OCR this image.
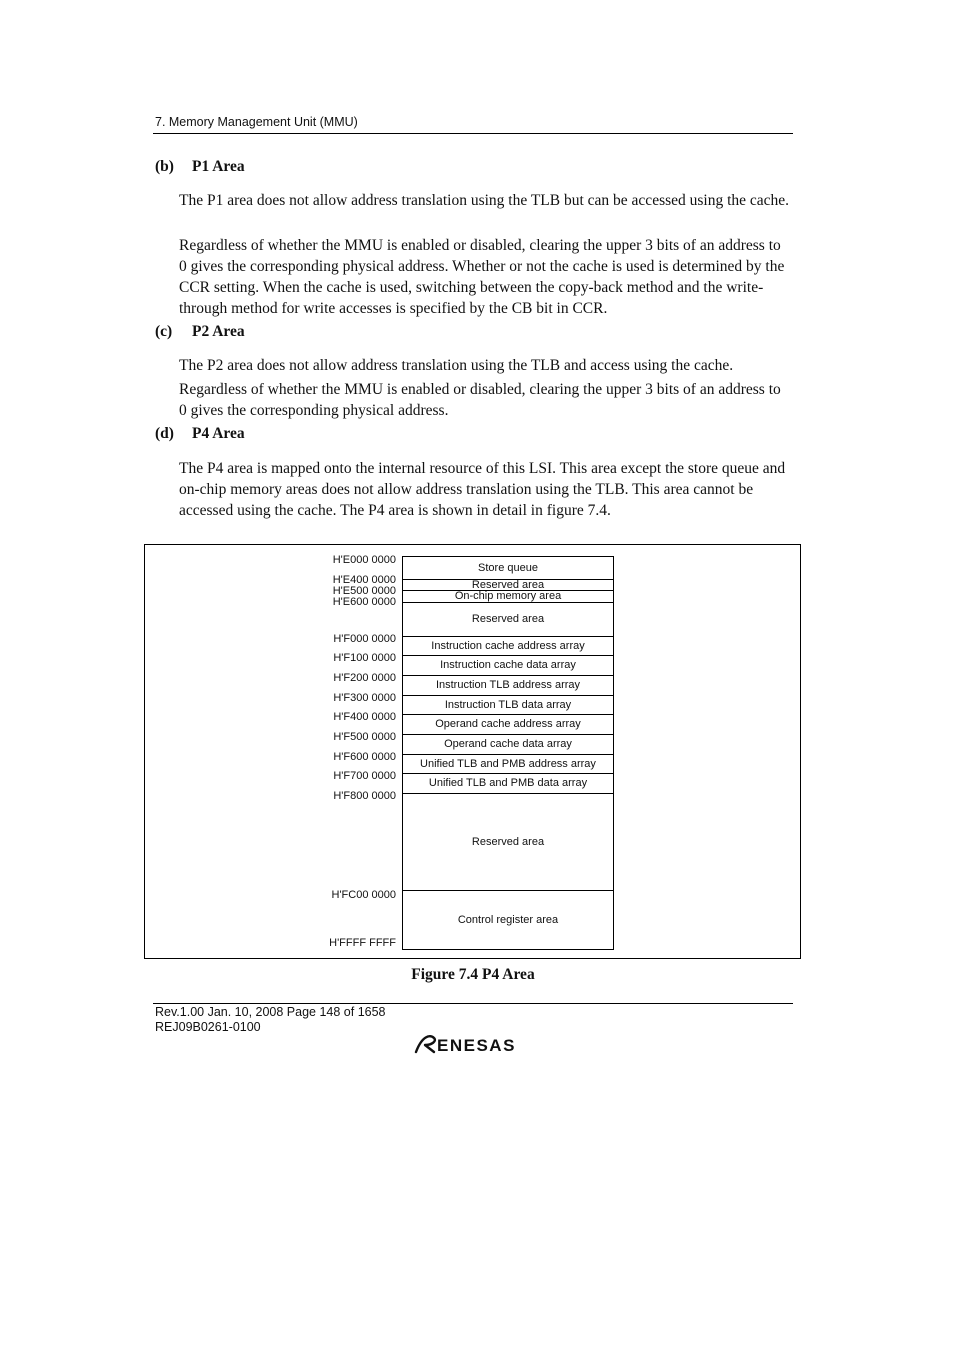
7. Memory Management Unit (MMU)
(b) P1 Area
The P1 area does not allow address translation using the TLB but can be accessed using the cache.
Regardless of whether the MMU is enabled or disabled, clearing the upper 3 bits of an address to 0 gives the corresponding physical address. Whether or not the cache is used is determined by the CCR setting. When the cache is used, switching between the copy-back method and the write-through method for write accesses is specified by the CB bit in CCR.
(c) P2 Area
The P2 area does not allow address translation using the TLB and access using the cache.
Regardless of whether the MMU is enabled or disabled, clearing the upper 3 bits of an address to 0 gives the corresponding physical address.
(d) P4 Area
The P4 area is mapped onto the internal resource of this LSI. This area except the store queue and on-chip memory areas does not allow address translation using the TLB. This area cannot be accessed using the cache. The P4 area is shown in detail in figure 7.4.
H'E000 0000
H'E400 0000
H'E500 0000
H'E600 0000
H'F000 0000
H'F100 0000
H'F200 0000
H'F300 0000
H'F400 0000
H'F500 0000
H'F600 0000
H'F700 0000
H'F800 0000
H'FC00 0000
H'FFFF FFFF
Store queue
Reserved area
On-chip memory area
Reserved area
Instruction cache address array
Instruction cache data array
Instruction TLB address array
Instruction TLB data array
Operand cache address array
Operand cache data array
Unified TLB and PMB address array
Unified TLB and PMB data array
Reserved area
Control register area
Figure 7.4 P4 Area
Rev.1.00 Jan. 10, 2008 Page 148 of 1658
REJ09B0261-0100
ENESAS
